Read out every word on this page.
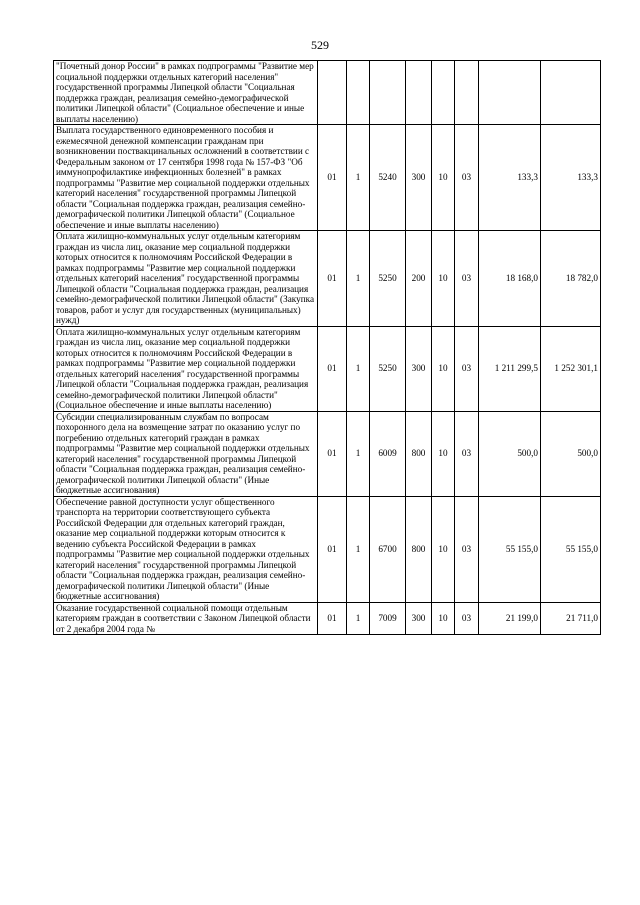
529
"Почетный донор России" в рамках подпрограммы "Развитие мер социальной поддержки отдельных категорий населения" государственной программы Липецкой области "Социальная поддержка граждан, реализация семейно-демографической политики Липецкой области" (Социальное обеспечение и иные выплаты населению)								
Выплата государственного единовременного пособия и ежемесячной денежной компенсации гражданам при возникновении поствакцинальных осложнений в соответствии с Федеральным законом от 17 сентября 1998 года № 157-ФЗ "Об иммунопрофилактике инфекционных болезней" в рамках подпрограммы "Развитие мер социальной поддержки отдельных категорий населения" государственной программы Липецкой области "Социальная поддержка граждан, реализация семейно-демографической политики Липецкой области" (Социальное обеспечение и иные выплаты населению)	01	1	5240	300	10	03	133,3	133,3
Оплата жилищно-коммунальных услуг отдельным категориям граждан из числа лиц, оказание мер социальной поддержки которых относится к полномочиям Российской Федерации в рамках подпрограммы "Развитие мер социальной поддержки отдельных категорий населения" государственной программы Липецкой области "Социальная поддержка граждан, реализация семейно-демографической политики Липецкой области" (Закупка товаров, работ и услуг для государственных (муниципальных) нужд)	01	1	5250	200	10	03	18 168,0	18 782,0
Оплата жилищно-коммунальных услуг отдельным категориям граждан из числа лиц, оказание мер социальной поддержки которых относится к полномочиям Российской Федерации в рамках подпрограммы "Развитие мер социальной поддержки отдельных категорий населения" государственной программы Липецкой области "Социальная поддержка граждан, реализация семейно-демографической политики Липецкой области" (Социальное обеспечение и иные выплаты населению)	01	1	5250	300	10	03	1 211 299,5	1 252 301,1
Субсидии специализированным службам по вопросам похоронного дела на возмещение затрат по оказанию услуг по погребению отдельных категорий граждан в рамках подпрограммы "Развитие мер социальной поддержки отдельных категорий населения" государственной программы Липецкой области "Социальная поддержка граждан, реализация семейно-демографической политики Липецкой области" (Иные бюджетные ассигнования)	01	1	6009	800	10	03	500,0	500,0
Обеспечение равной доступности услуг общественного транспорта на территории соответствующего субъекта Российской Федерации для отдельных категорий граждан, оказание мер социальной поддержки которым относится к ведению субъекта Российской Федерации в рамках подпрограммы "Развитие мер социальной поддержки отдельных категорий населения" государственной программы Липецкой области "Социальная поддержка граждан, реализация семейно-демографической политики Липецкой области" (Иные бюджетные ассигнования)	01	1	6700	800	10	03	55 155,0	55 155,0
Оказание государственной социальной помощи отдельным категориям граждан в соответствии с Законом Липецкой области от 2 декабря 2004 года №	01	1	7009	300	10	03	21 199,0	21 711,0
